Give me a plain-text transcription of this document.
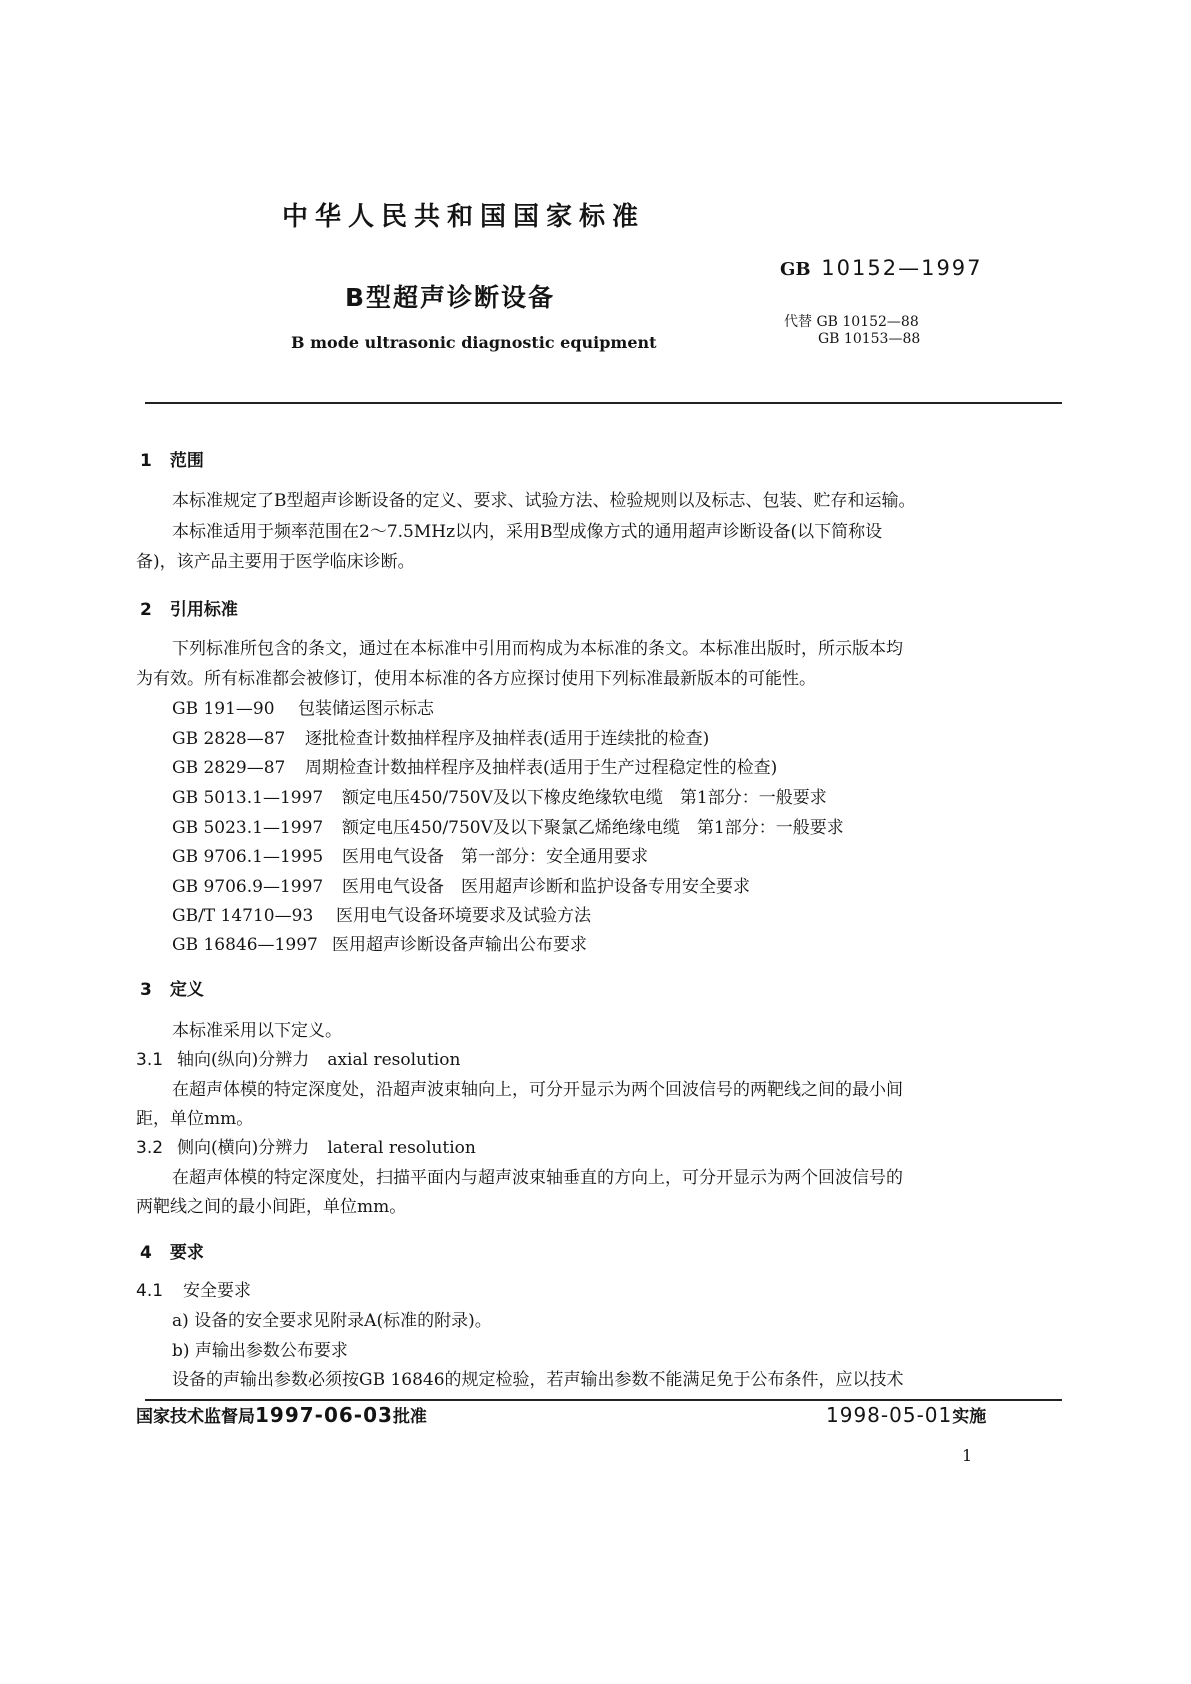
中华人民共和国国家标准
GB 10152—1997
B型超声诊断设备
代替 GB 10152—88
GB 10153—88
B mode ultrasonic diagnostic equipment
1 范围
本标准规定了B型超声诊断设备的定义、要求、试验方法、检验规则以及标志、包装、贮存和运输。
本标准适用于频率范围在2～7.5MHz以内，采用B型成像方式的通用超声诊断设备(以下简称设
备)，该产品主要用于医学临床诊断。
2 引用标准
下列标准所包含的条文，通过在本标准中引用而构成为本标准的条文。本标准出版时，所示版本均
为有效。所有标准都会被修订，使用本标准的各方应探讨使用下列标准最新版本的可能性。
GB 191—90 包装储运图示标志
GB 2828—87 逐批检查计数抽样程序及抽样表(适用于连续批的检查)
GB 2829—87 周期检查计数抽样程序及抽样表(适用于生产过程稳定性的检查)
GB 5013.1—1997 额定电压450/750V及以下橡皮绝缘软电缆　第1部分：一般要求
GB 5023.1—1997 额定电压450/750V及以下聚氯乙烯绝缘电缆　第1部分：一般要求
GB 9706.1—1995 医用电气设备　第一部分：安全通用要求
GB 9706.9—1997 医用电气设备　医用超声诊断和监护设备专用安全要求
GB/T 14710—93 医用电气设备环境要求及试验方法
GB 16846—1997 医用超声诊断设备声输出公布要求
3 定义
本标准采用以下定义。
3.1 轴向(纵向)分辨力 axial resolution
在超声体模的特定深度处，沿超声波束轴向上，可分开显示为两个回波信号的两靶线之间的最小间
距，单位mm。
3.2 侧向(横向)分辨力 lateral resolution
在超声体模的特定深度处，扫描平面内与超声波束轴垂直的方向上，可分开显示为两个回波信号的
两靶线之间的最小间距，单位mm。
4 要求
4.1 安全要求
a) 设备的安全要求见附录A(标准的附录)。
b) 声输出参数公布要求
设备的声输出参数必须按GB 16846的规定检验，若声输出参数不能满足免于公布条件，应以技术
国家技术监督局1997-06-03批准	1998-05-01实施
1
